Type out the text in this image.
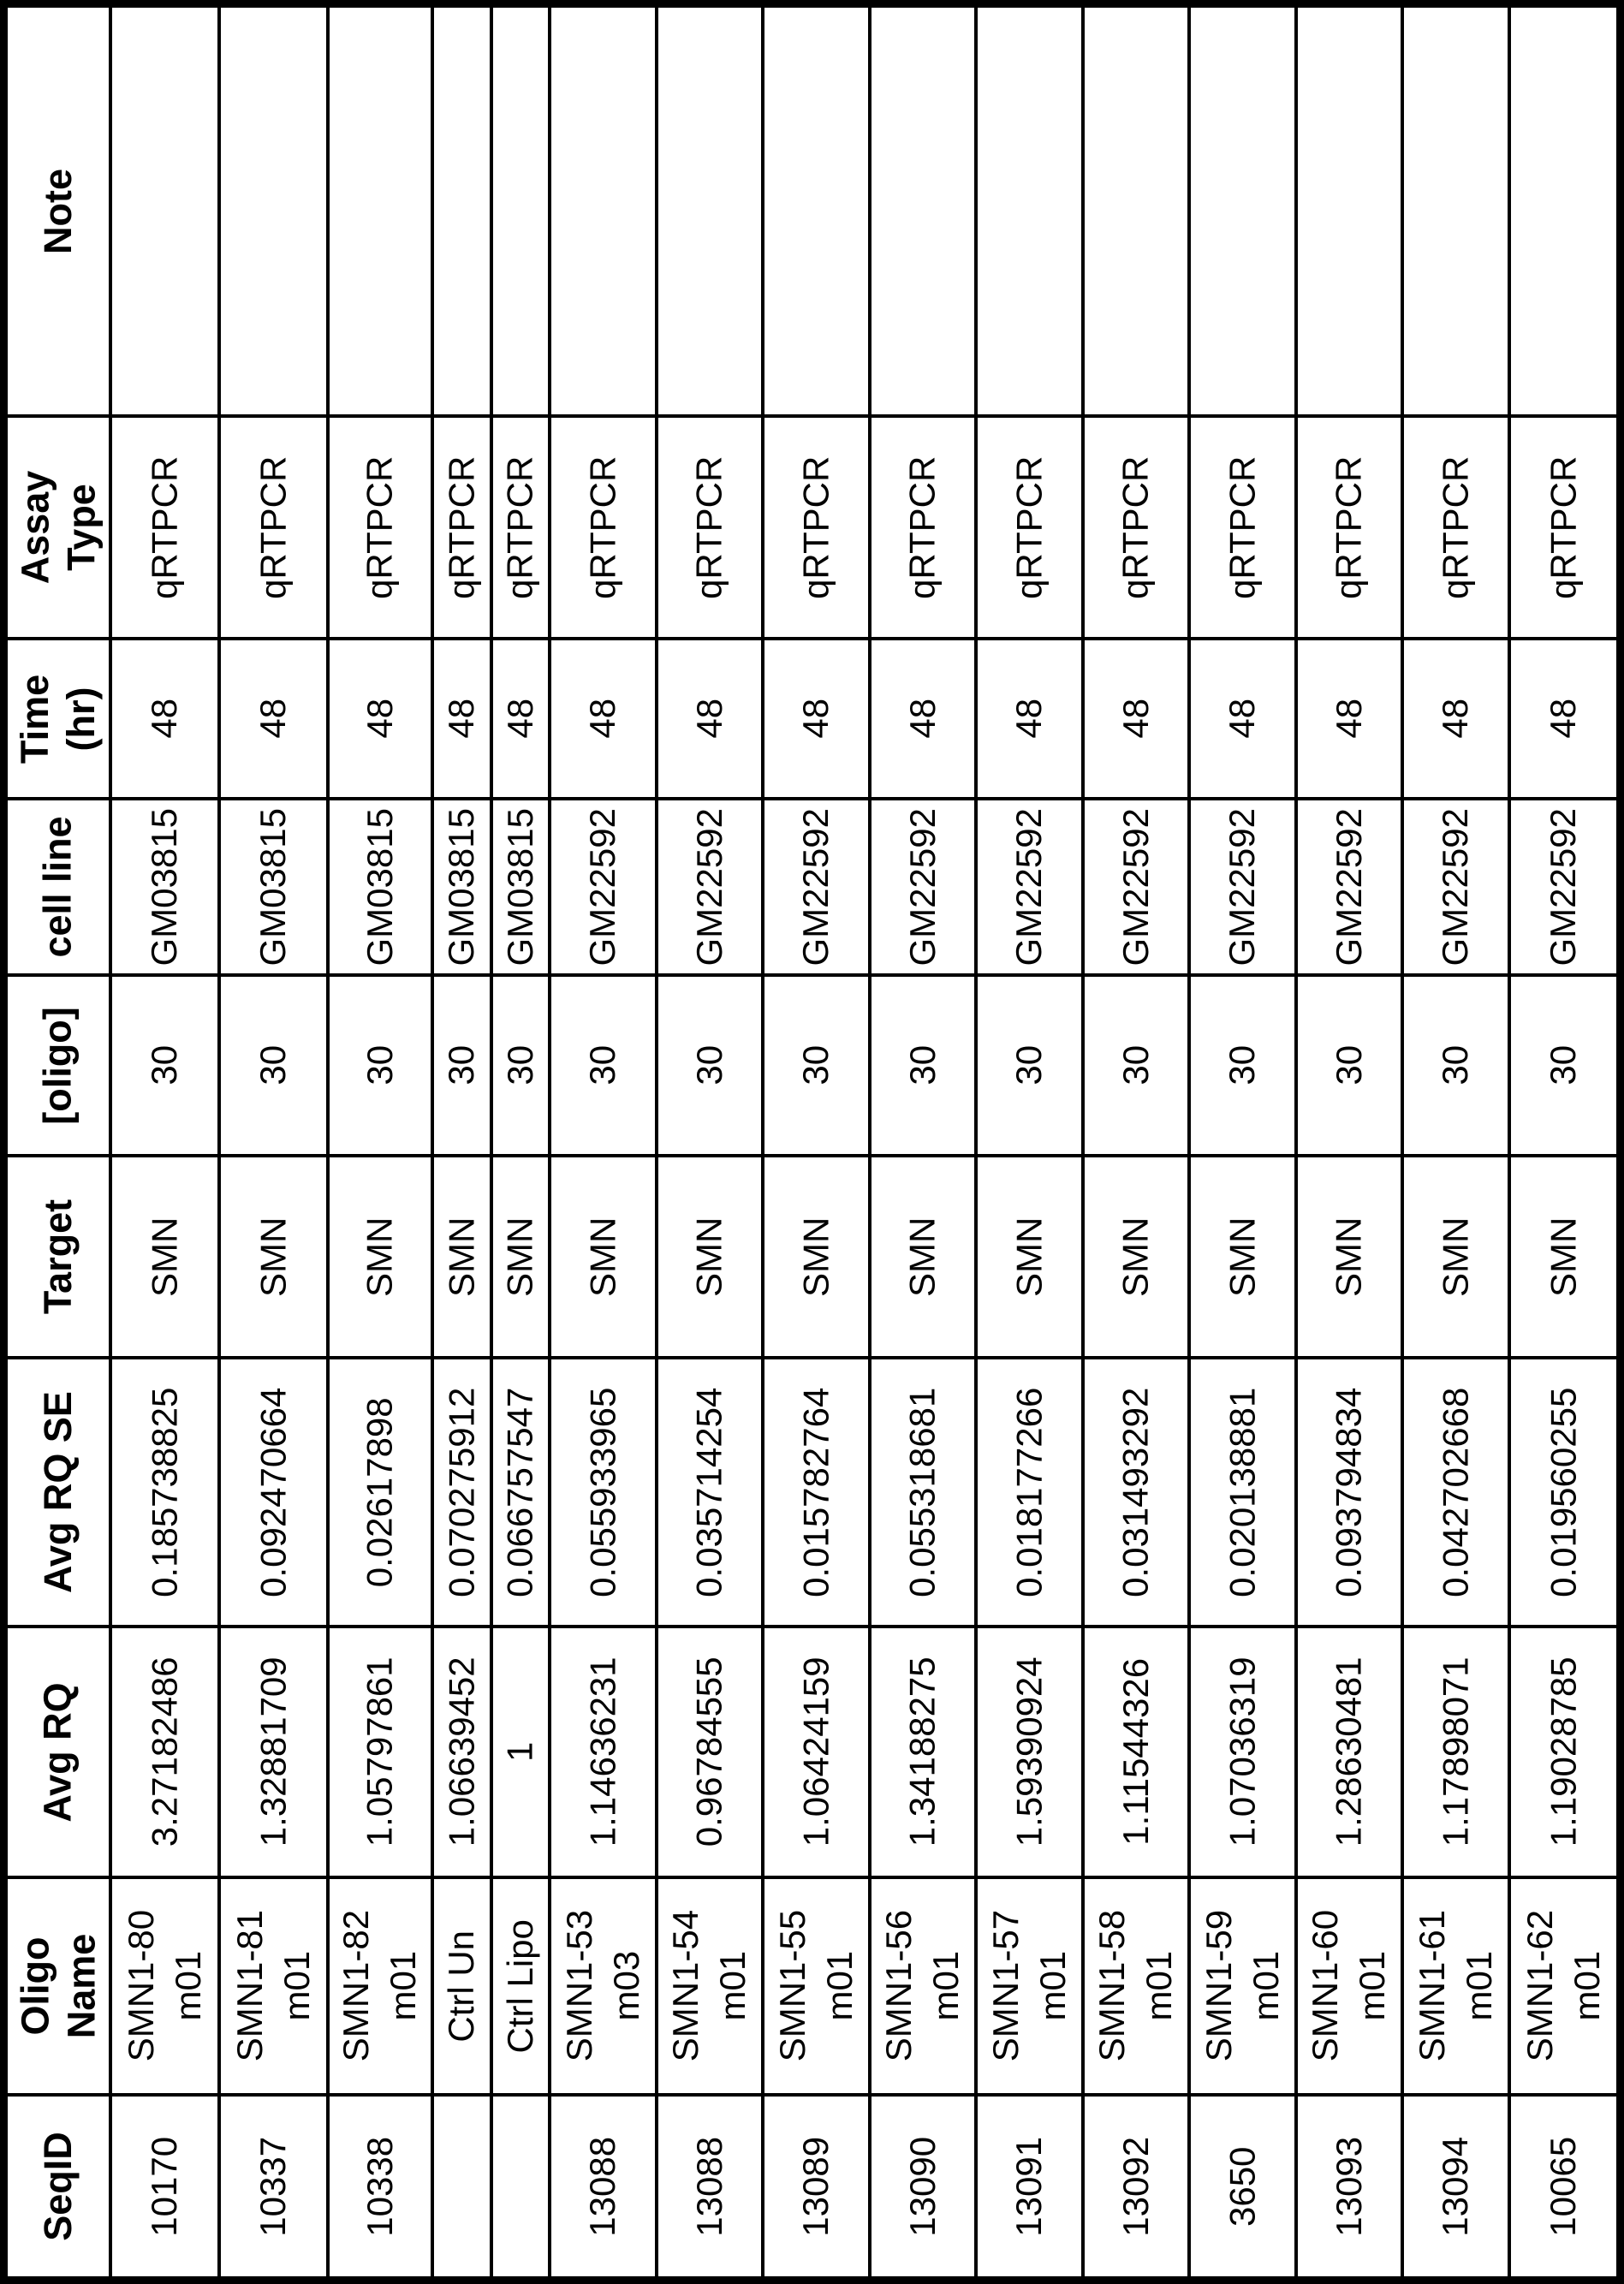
Note
Assay
Type qRTPCR qRTPCR qRTPCR qRTPCR qRTPCR qRTPCR qRTPCR qRTPCR qRTPCR qRTPCR qRTPCR qRTPCR qRTPCR qRTPCR qRTPCR
Time
(hr) 48 48 48 48 48 48 48 48 48 48 48 48 48 48 48
cell line GM03815 GM03815 GM03815 GM03815 GM03815 GM22592 GM22592 GM22592 GM22592 GM22592 GM22592 GM22592 GM22592 GM22592 GM22592
[oligo] 30 30 30 30 30 30 30 30 30 30 30 30 30 30 30
Target SMN SMN SMN SMN SMN SMN SMN SMN SMN SMN SMN SMN SMN SMN SMN
Avg RQ SE 0.185738825 0.092470664 0.02617898 0.070275912 0.066757547 0.055933965 0.035714254 0.015782764 0.055318681 0.018177266 0.031493292 0.020138881 0.093794834 0.042702668 0.019560255
Avg RQ 3.27182486 1.32881709 1.05797861 1.06639452 1 1.14636231 0.96784555 1.06424159 1.34188275 1.59390924 1.11544326 1.07036319 1.28630481 1.17898071 1.19028785
Oligo
Name SMN1-80
m01 SMN1-81
m01 SMN1-82
m01 Ctrl Un Ctrl Lipo SMN1-53
m03 SMN1-54
m01 SMN1-55
m01 SMN1-56
m01 SMN1-57
m01 SMN1-58
m01 SMN1-59
m01 SMN1-60
m01 SMN1-61
m01 SMN1-62
m01
SeqID 10170 10337 10338	13088 13088 13089 13090 13091 13092 3650 13093 13094 10065
